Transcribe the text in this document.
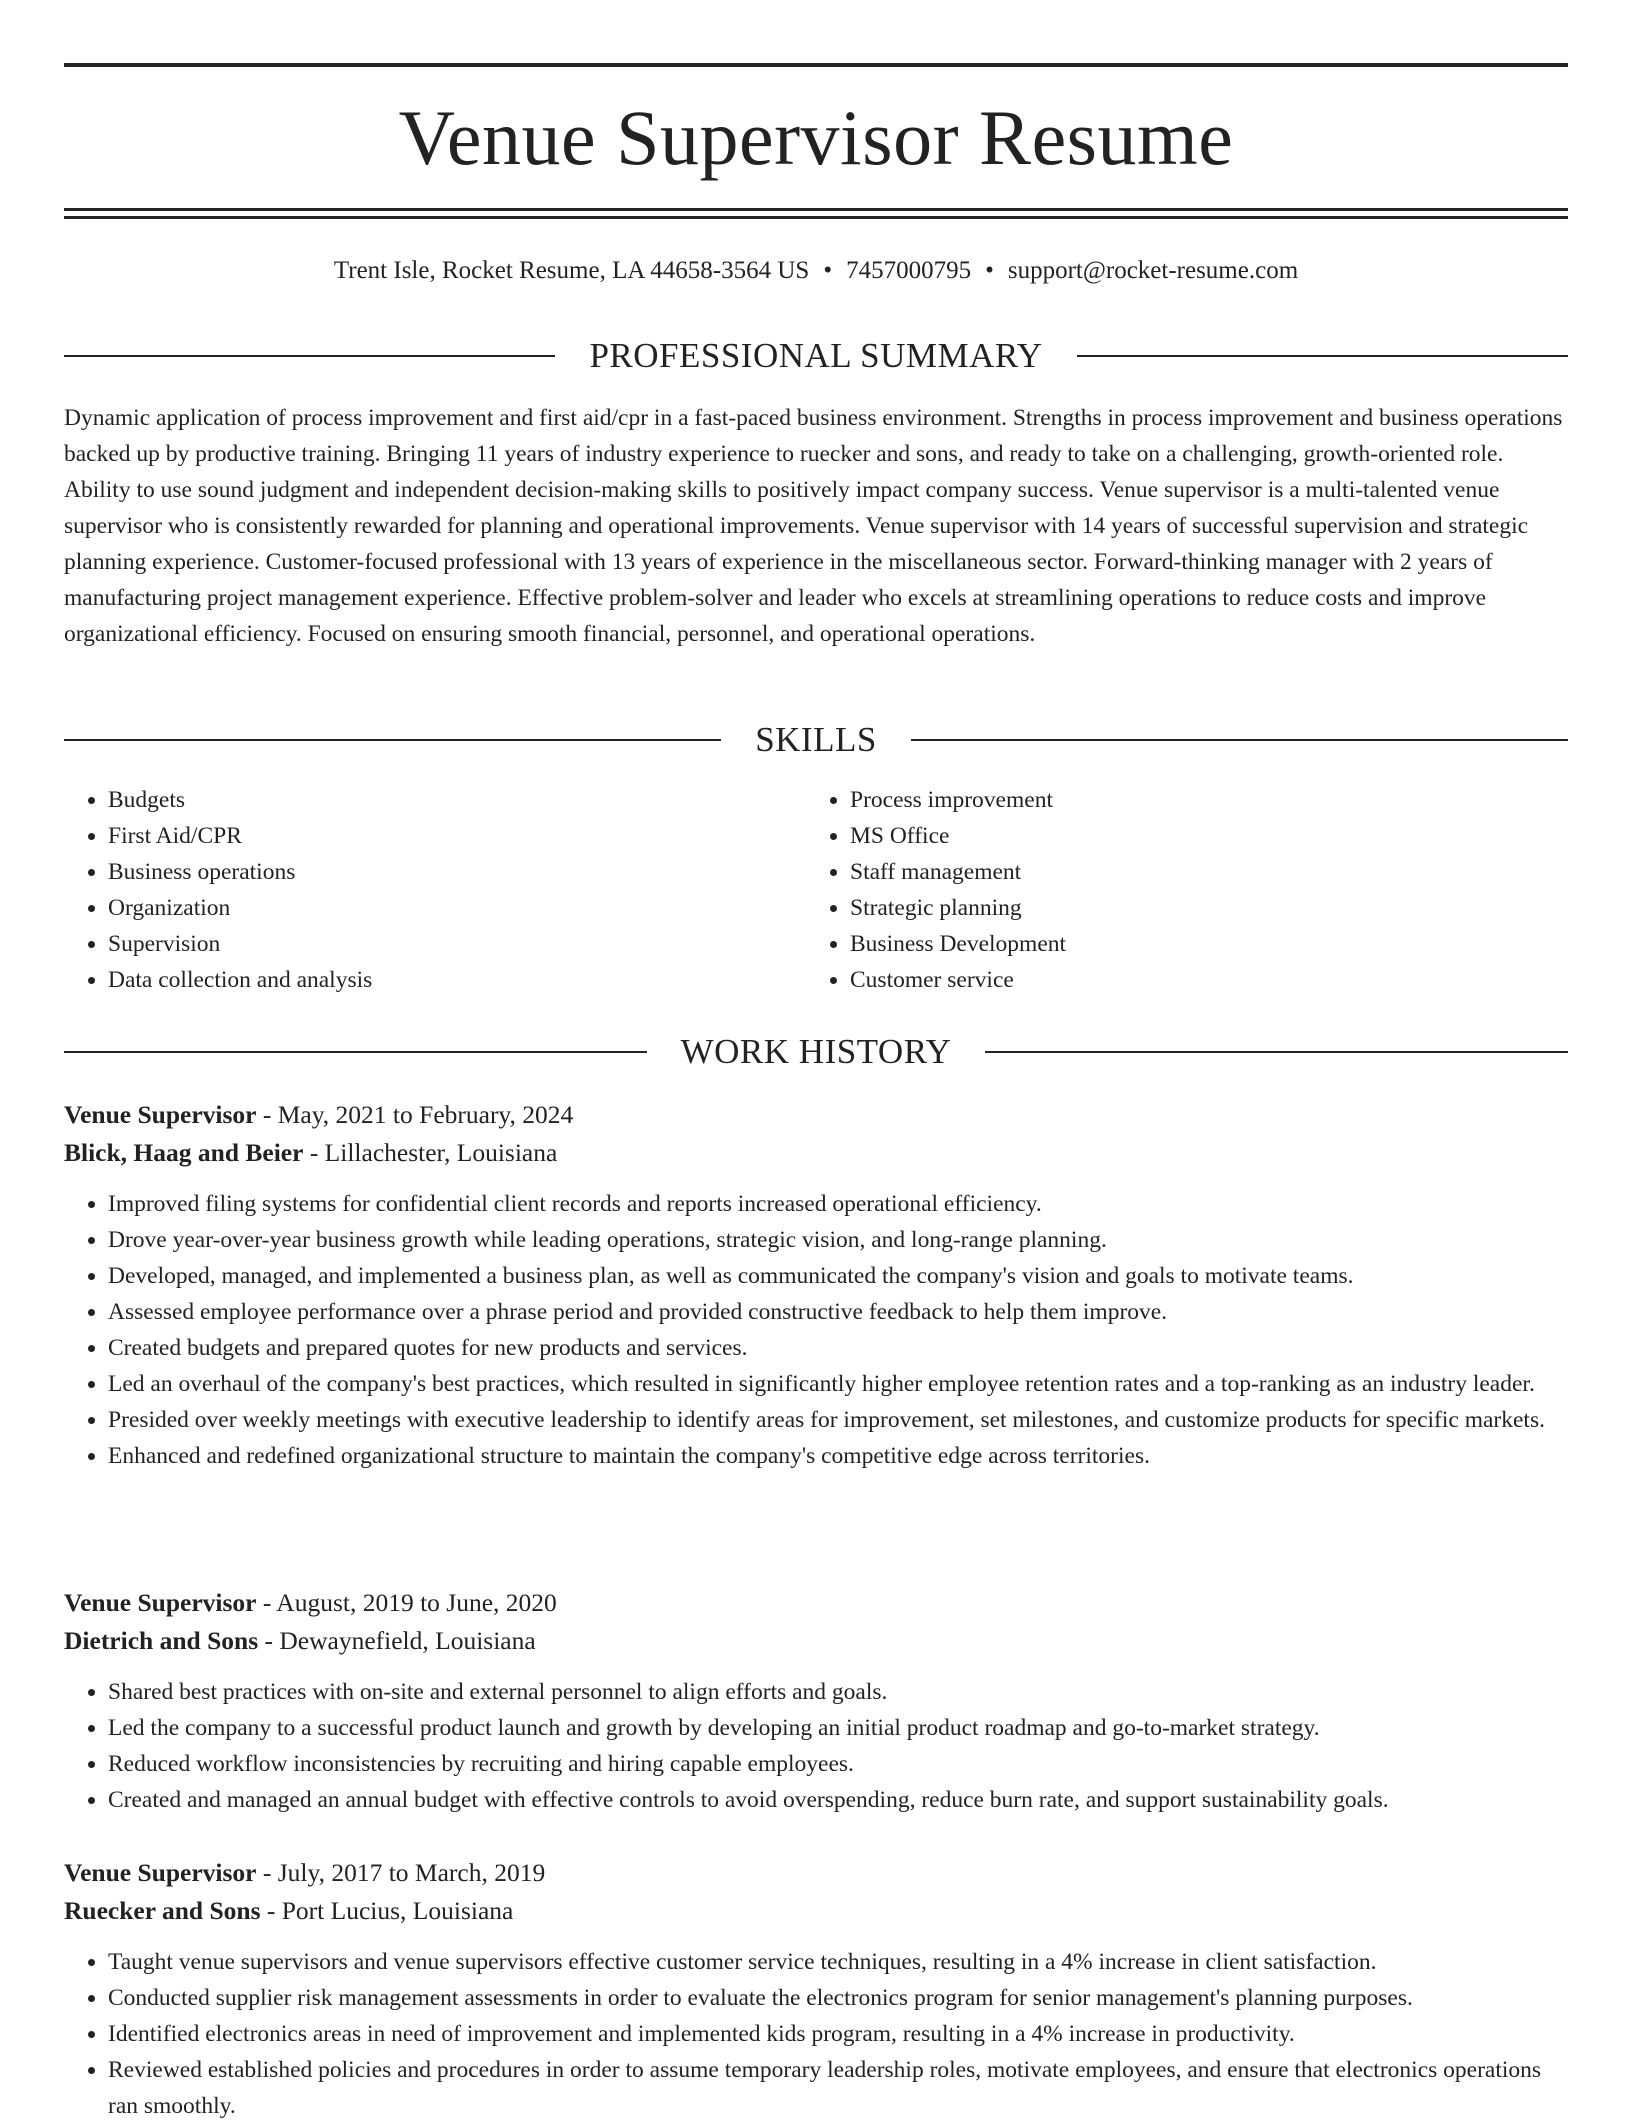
Venue Supervisor Resume
Trent Isle, Rocket Resume, LA 44658-3564 US • 7457000795 • support@rocket-resume.com
PROFESSIONAL SUMMARY

Dynamic application of process improvement and first aid/cpr in a fast-paced business environment. Strengths in process improvement and business operations backed up by productive training. Bringing 11 years of industry experience to ruecker and sons, and ready to take on a challenging, growth-oriented role. Ability to use sound judgment and independent decision-making skills to positively impact company success. Venue supervisor is a multi-talented venue supervisor who is consistently rewarded for planning and operational improvements. Venue supervisor with 14 years of successful supervision and strategic planning experience. Customer-focused professional with 13 years of experience in the miscellaneous sector. Forward-thinking manager with 2 years of manufacturing project management experience. Effective problem-solver and leader who excels at streamlining operations to reduce costs and improve organizational efficiency. Focused on ensuring smooth financial, personnel, and operational operations.

SKILLS
• Budgets
• First Aid/CPR
• Business operations
• Organization
• Supervision
• Data collection and analysis
• Process improvement
• MS Office
• Staff management
• Strategic planning
• Business Development
• Customer service
WORK HISTORY
Venue Supervisor - May, 2021 to February, 2024
Blick, Haag and Beier - Lillachester, Louisiana
• Improved filing systems for confidential client records and reports increased operational efficiency.
• Drove year-over-year business growth while leading operations, strategic vision, and long-range planning.
• Developed, managed, and implemented a business plan, as well as communicated the company's vision and goals to motivate teams.
• Assessed employee performance over a phrase period and provided constructive feedback to help them improve.
• Created budgets and prepared quotes for new products and services.
• Led an overhaul of the company's best practices, which resulted in significantly higher employee retention rates and a top-ranking as an industry leader.
• Presided over weekly meetings with executive leadership to identify areas for improvement, set milestones, and customize products for specific markets.
• Enhanced and redefined organizational structure to maintain the company's competitive edge across territories.
Venue Supervisor - August, 2019 to June, 2020
Dietrich and Sons - Dewaynefield, Louisiana
• Shared best practices with on-site and external personnel to align efforts and goals.
• Led the company to a successful product launch and growth by developing an initial product roadmap and go-to-market strategy.
• Reduced workflow inconsistencies by recruiting and hiring capable employees.
• Created and managed an annual budget with effective controls to avoid overspending, reduce burn rate, and support sustainability goals.
Venue Supervisor - July, 2017 to March, 2019
Ruecker and Sons - Port Lucius, Louisiana
• Taught venue supervisors and venue supervisors effective customer service techniques, resulting in a 4% increase in client satisfaction.
• Conducted supplier risk management assessments in order to evaluate the electronics program for senior management's planning purposes.
• Identified electronics areas in need of improvement and implemented kids program, resulting in a 4% increase in productivity.
• Reviewed established policies and procedures in order to assume temporary leadership roles, motivate employees, and ensure that electronics operations ran smoothly.
